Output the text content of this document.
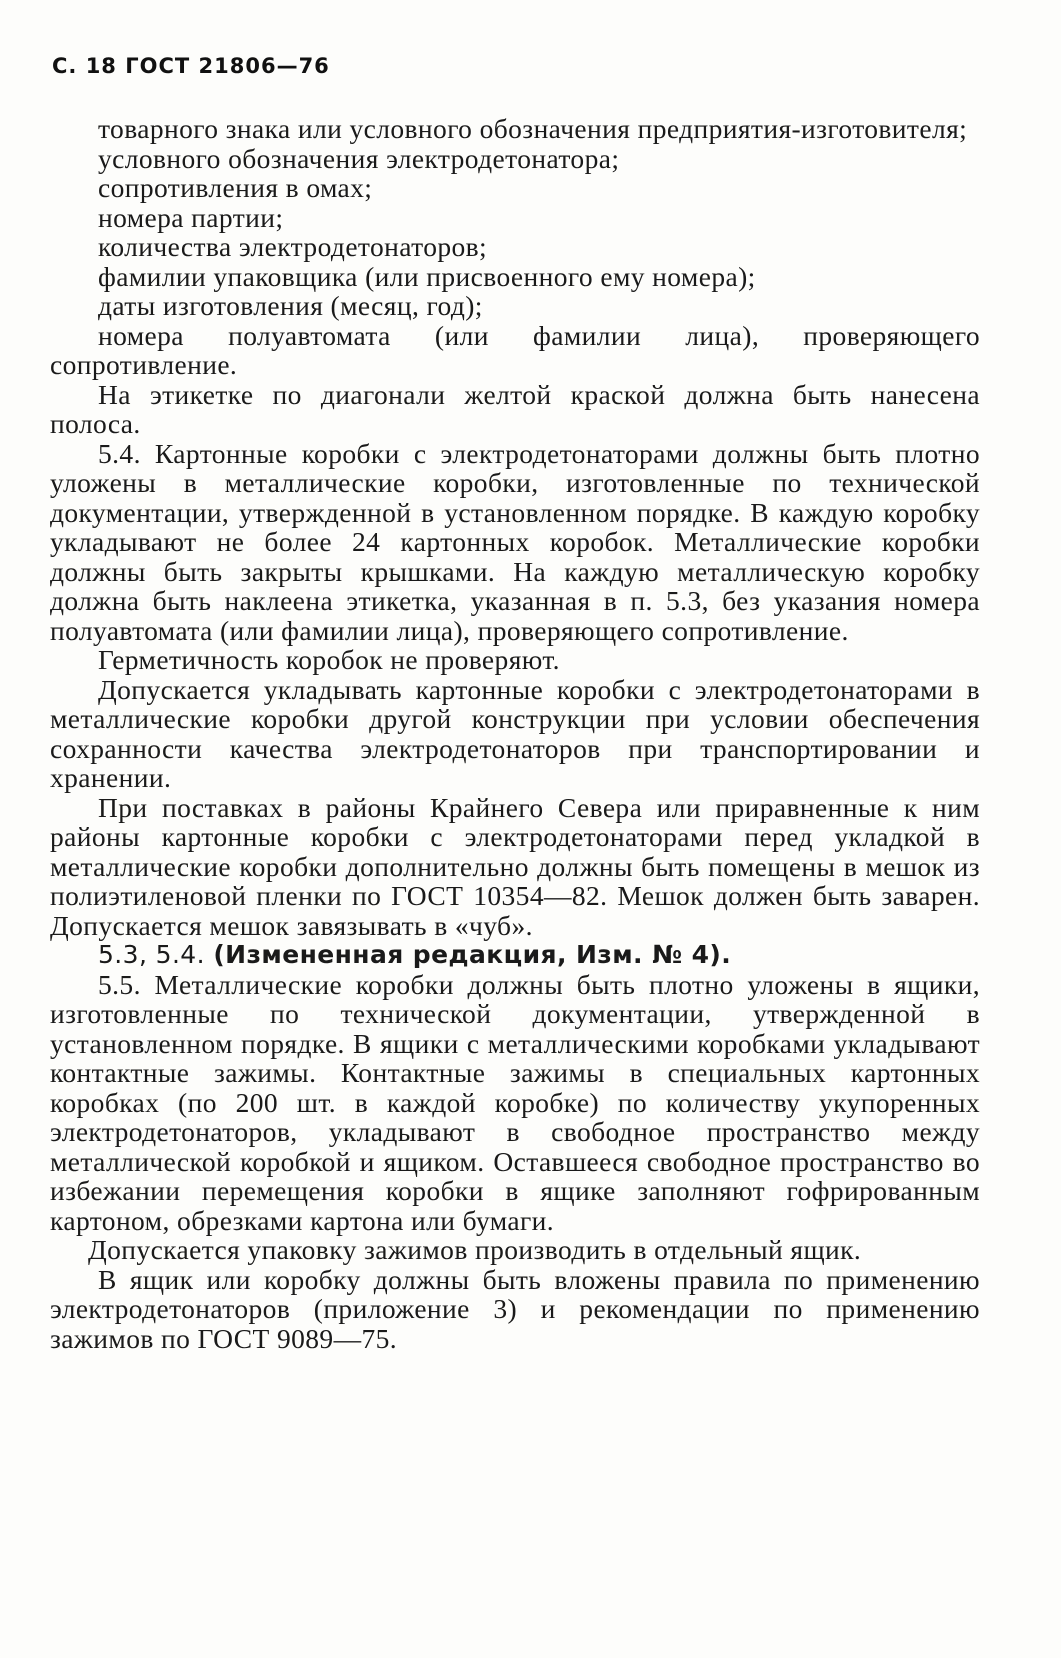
С. 18 ГОСТ 21806—76

товарного знака или условного обозначения предприятия-изготовителя;

условного обозначения электродетонатора;

сопротивления в омах;

номера партии;

количества электродетонаторов;

фамилии упаковщика (или присвоенного ему номера);

даты изготовления (месяц, год);

номера полуавтомата (или фамилии лица), проверяющего сопротивление.

На этикетке по диагонали желтой краской должна быть нанесена полоса.

5.4. Картонные коробки с электродетонаторами должны быть плотно уложены в металлические коробки, изготовленные по технической документации, утвержденной в установленном порядке. В каждую коробку укладывают не более 24 картонных коробок. Металлические коробки должны быть закрыты крышками. На каждую металлическую коробку должна быть наклеена этикетка, указанная в п. 5.3, без указания номера полуавтомата (или фамилии лица), проверяющего сопротивление.

Герметичность коробок не проверяют.

Допускается укладывать картонные коробки с электродетонаторами в металлические коробки другой конструкции при условии обеспечения сохранности качества электродетонаторов при транспортировании и хранении.

При поставках в районы Крайнего Севера или приравненные к ним районы картонные коробки с электродетонаторами перед укладкой в металлические коробки дополнительно должны быть помещены в мешок из полиэтиленовой пленки по ГОСТ 10354—82. Мешок должен быть заварен. Допускается мешок завязывать в «чуб».

5.3, 5.4. (Измененная редакция, Изм. № 4).

5.5. Металлические коробки должны быть плотно уложены в ящики, изготовленные по технической документации, утвержденной в установленном порядке. В ящики с металлическими коробками укладывают контактные зажимы. Контактные зажимы в специальных картонных коробках (по 200 шт. в каждой коробке) по количеству укупоренных электродетонаторов, укладывают в свободное пространство между металлической коробкой и ящиком. Оставшееся свободное пространство во избежании перемещения коробки в ящике заполняют гофрированным картоном, обрезками картона или бумаги.

Допускается упаковку зажимов производить в отдельный ящик.

В ящик или коробку должны быть вложены правила по применению электродетонаторов (приложение 3) и рекомендации по применению зажимов по ГОСТ 9089—75.
